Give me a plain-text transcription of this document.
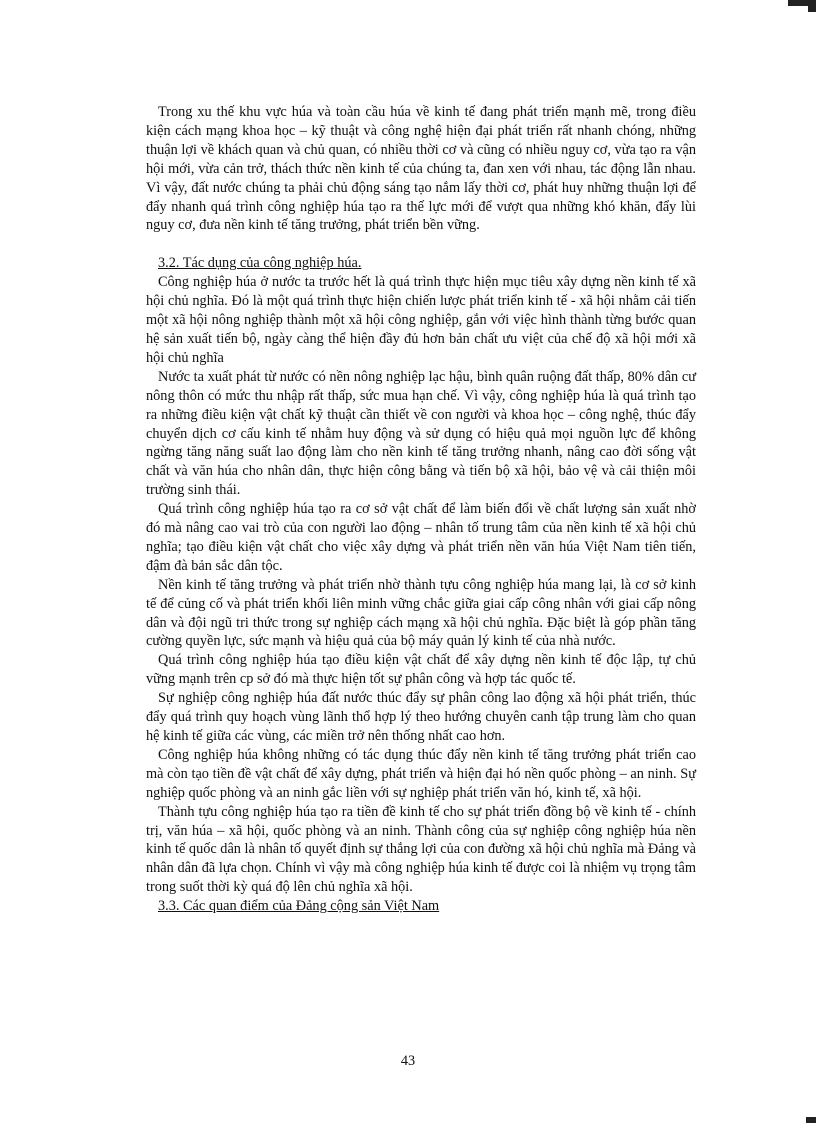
Trong xu thế khu vực húa và toàn cầu húa về kinh tế đang phát triển mạnh mẽ, trong điều kiện cách mạng khoa học – kỹ thuật và công nghệ hiện đại phát triển rất nhanh chóng, những thuận lợi về khách quan và chủ quan, có nhiều thời cơ và cũng có nhiều nguy cơ, vừa tạo ra vận hội mới, vừa cản trở, thách thức nền kinh tế của chúng ta, đan xen với nhau, tác động lẫn nhau. Vì vậy, đất nước chúng ta phải chủ động sáng tạo nắm lấy thời cơ, phát huy những thuận lợi để đẩy nhanh quá trình công nghiệp húa tạo ra thế lực mới để vượt qua những khó khăn, đẩy lùi nguy cơ, đưa nền kinh tế tăng trưởng, phát triển bền vững.

3.2. Tác dụng của công nghiệp húa.

Công nghiệp húa ở nước ta trước hết là quá trình thực hiện mục tiêu xây dựng nền kinh tế xã hội chủ nghĩa. Đó là một quá trình thực hiện chiến lược phát triển kinh tế - xã hội nhằm cải tiến một xã hội nông nghiệp thành một xã hội công nghiệp, gắn với việc hình thành từng bước quan hệ sản xuất tiến bộ, ngày càng thể hiện đầy đủ hơn bản chất ưu việt của chế độ xã hội mới xã hội chủ nghĩa

Nước ta xuất phát từ nước có nền nông nghiệp lạc hậu, bình quân ruộng đất thấp, 80% dân cư nông thôn có mức thu nhập rất thấp, sức mua hạn chế. Vì vậy, công nghiệp húa là quá trình tạo ra những điều kiện vật chất kỹ thuật cần thiết về con người và khoa học – công nghệ, thúc đẩy chuyển dịch cơ cấu kinh tế nhằm huy động và sử dụng có hiệu quả mọi nguồn lực để không ngừng tăng năng suất lao động làm cho nền kinh tế tăng trưởng nhanh, nâng cao đời sống vật chất và văn húa cho nhân dân, thực hiện công bằng và tiến bộ xã hội, bảo vệ và cải thiện môi trường sinh thái.

Quá trình công nghiệp húa tạo ra cơ sở vật chất để làm biến đổi về chất lượng sản xuất nhờ đó mà nâng cao vai trò của con người lao động – nhân tố trung tâm của nền kinh tế xã hội chủ nghĩa; tạo điều kiện vật chất cho việc xây dựng và phát triển nền văn húa Việt Nam tiên tiến, đậm đà bản sắc dân tộc.

Nền kinh tế tăng trưởng và phát triển nhờ thành tựu công nghiệp húa mang lại, là cơ sở kinh tế để củng cố và phát triển khối liên minh vững chắc giữa giai cấp công nhân với giai cấp nông dân và đội ngũ tri thức trong sự nghiệp cách mạng xã hội chủ nghĩa. Đặc biệt là góp phần tăng cường quyền lực, sức mạnh và hiệu quả của bộ máy quản lý kinh tế của nhà nước.

Quá trình công nghiệp húa tạo điều kiện vật chất để xây dựng nền kinh tế độc lập, tự chủ vững mạnh trên cp sở đó mà thực hiện tốt sự phân công và hợp tác quốc tế.

Sự nghiệp công nghiệp húa đất nước thúc đẩy sự phân công lao động xã hội phát triển, thúc đẩy quá trình quy hoạch vùng lãnh thổ hợp lý theo hướng chuyên canh tập trung làm cho quan hệ kinh tế giữa các vùng, các miền trở nên thống nhất cao hơn.

Công nghiệp húa không những có tác dụng thúc đẩy nền kinh tế tăng trưởng phát triển cao mà còn tạo tiền đề vật chất để xây dựng, phát triển và hiện đại hó nền quốc phòng – an ninh. Sự nghiệp quốc phòng và an ninh gắc liền với sự nghiệp phát triển văn hó, kinh tế, xã hội.

Thành tựu công nghiệp húa tạo ra tiền đề kinh tế cho sự phát triển đồng bộ về kinh tế - chính trị, văn húa – xã hội, quốc phòng và an ninh. Thành công của sự nghiệp công nghiệp húa nền kinh tế quốc dân là nhân tố quyết định sự thắng lợi của con đường xã hội chủ nghĩa mà Đảng và nhân dân đã lựa chọn. Chính vì vậy mà công nghiệp húa kinh tế được coi là nhiệm vụ trọng tâm trong suốt thời kỳ quá độ lên chủ nghĩa xã hội.

3.3. Các quan điểm của Đảng cộng sản Việt Nam

43
